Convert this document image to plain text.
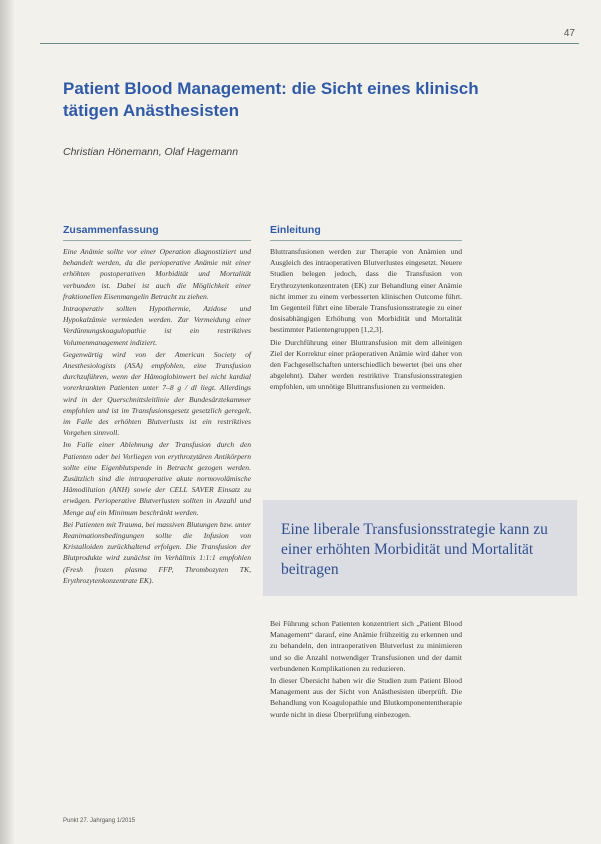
47
Patient Blood Management: die Sicht eines klinisch tätigen Anästhesisten
Christian Hönemann, Olaf Hagemann
Zusammenfassung

Eine Anämie sollte vor einer Operation diagnostiziert und behandelt werden, da die perioperative Anämie mit einer erhöhten postoperativen Morbidität und Mortalität verbunden ist. Dabei ist auch die Möglichkeit einer fraktionellen Eisenmangelin Betracht zu ziehen.

Intraoperativ sollten Hypothermie, Azidose und Hypokalzämie vermieden werden. Zur Vermeidung einer Verdünnungskoagulopathie ist ein restriktives Volumenmanagement indiziert.

Gegenwärtig wird von der American Society of Anesthesiologists (ASA) empfohlen, eine Transfusion durchzuführen, wenn der Hämoglobinwert bei nicht kardial vorerkrankten Patienten unter 7–8 g / dl liegt. Allerdings wird in der Querschnittsleitlinie der Bundesärztekammer empfohlen und ist im Transfusionsgesetz gesetzlich geregelt, im Falle des erhöhten Blutverlusts ist ein restriktives Vorgehen sinnvoll.

Im Falle einer Ablehnung der Transfusion durch den Patienten oder bei Vorliegen von erythrozytären Antikörpern sollte eine Eigenblutspende in Betracht gezogen werden. Zusätzlich sind die intraoperative akute normovolämische Hämodilution (ANH) sowie der CELL SAVER Einsatz zu erwägen. Perioperative Blutverlusten sollten in Anzahl und Menge auf ein Minimum beschränkt werden.

Bei Patienten mit Trauma, bei massiven Blutungen bzw. unter Reanimationsbedingungen sollte die Infusion von Kristalloiden zurückhaltend erfolgen. Die Transfusion der Blutprodukte wird zunächst im Verhältnis 1:1:1 empfohlen (Fresh frozen plasma FFP, Thrombozyten TK, Erythrozytenkonzentrate EK).

Einleitung

Bluttransfusionen werden zur Therapie von Anämien und Ausgleich des intraoperativen Blutverlustes eingesetzt. Neuere Studien belegen jedoch, dass die Transfusion von Erythrozytenkonzentraten (EK) zur Behandlung einer Anämie nicht immer zu einem verbesserten klinischen Outcome führt. Im Gegenteil führt eine liberale Transfusionsstrategie zu einer dosisabhängigen Erhöhung von Morbidität und Mortalität bestimmter Patientengruppen [1,2,3].

Die Durchführung einer Bluttransfusion mit dem alleinigen Ziel der Korrektur einer präoperativen Anämie wird daher von den Fachgesellschaften unterschiedlich bewertet (bei uns eher abgelehnt). Daher werden restriktive Transfusionsstrategien empfohlen, um unnötige Bluttransfusionen zu vermeiden.

Eine liberale Transfusionsstrategie kann zu einer erhöhten Morbidität und Mortalität beitragen

Bei Führung schon Patienten konzentriert sich „Patient Blood Management“ darauf, eine Anämie frühzeitig zu erkennen und zu behandeln, den intraoperativen Blutverlust zu minimieren und so die Anzahl notwendiger Transfusionen und der damit verbundenen Komplikationen zu reduzieren.

In dieser Übersicht haben wir die Studien zum Patient Blood Management aus der Sicht von Anästhesisten überprüft. Die Behandlung von Koagulopathie und Blutkomponententherapie wurde nicht in diese Überprüfung einbezogen.

Punkt 27. Jahrgang 1/2015
